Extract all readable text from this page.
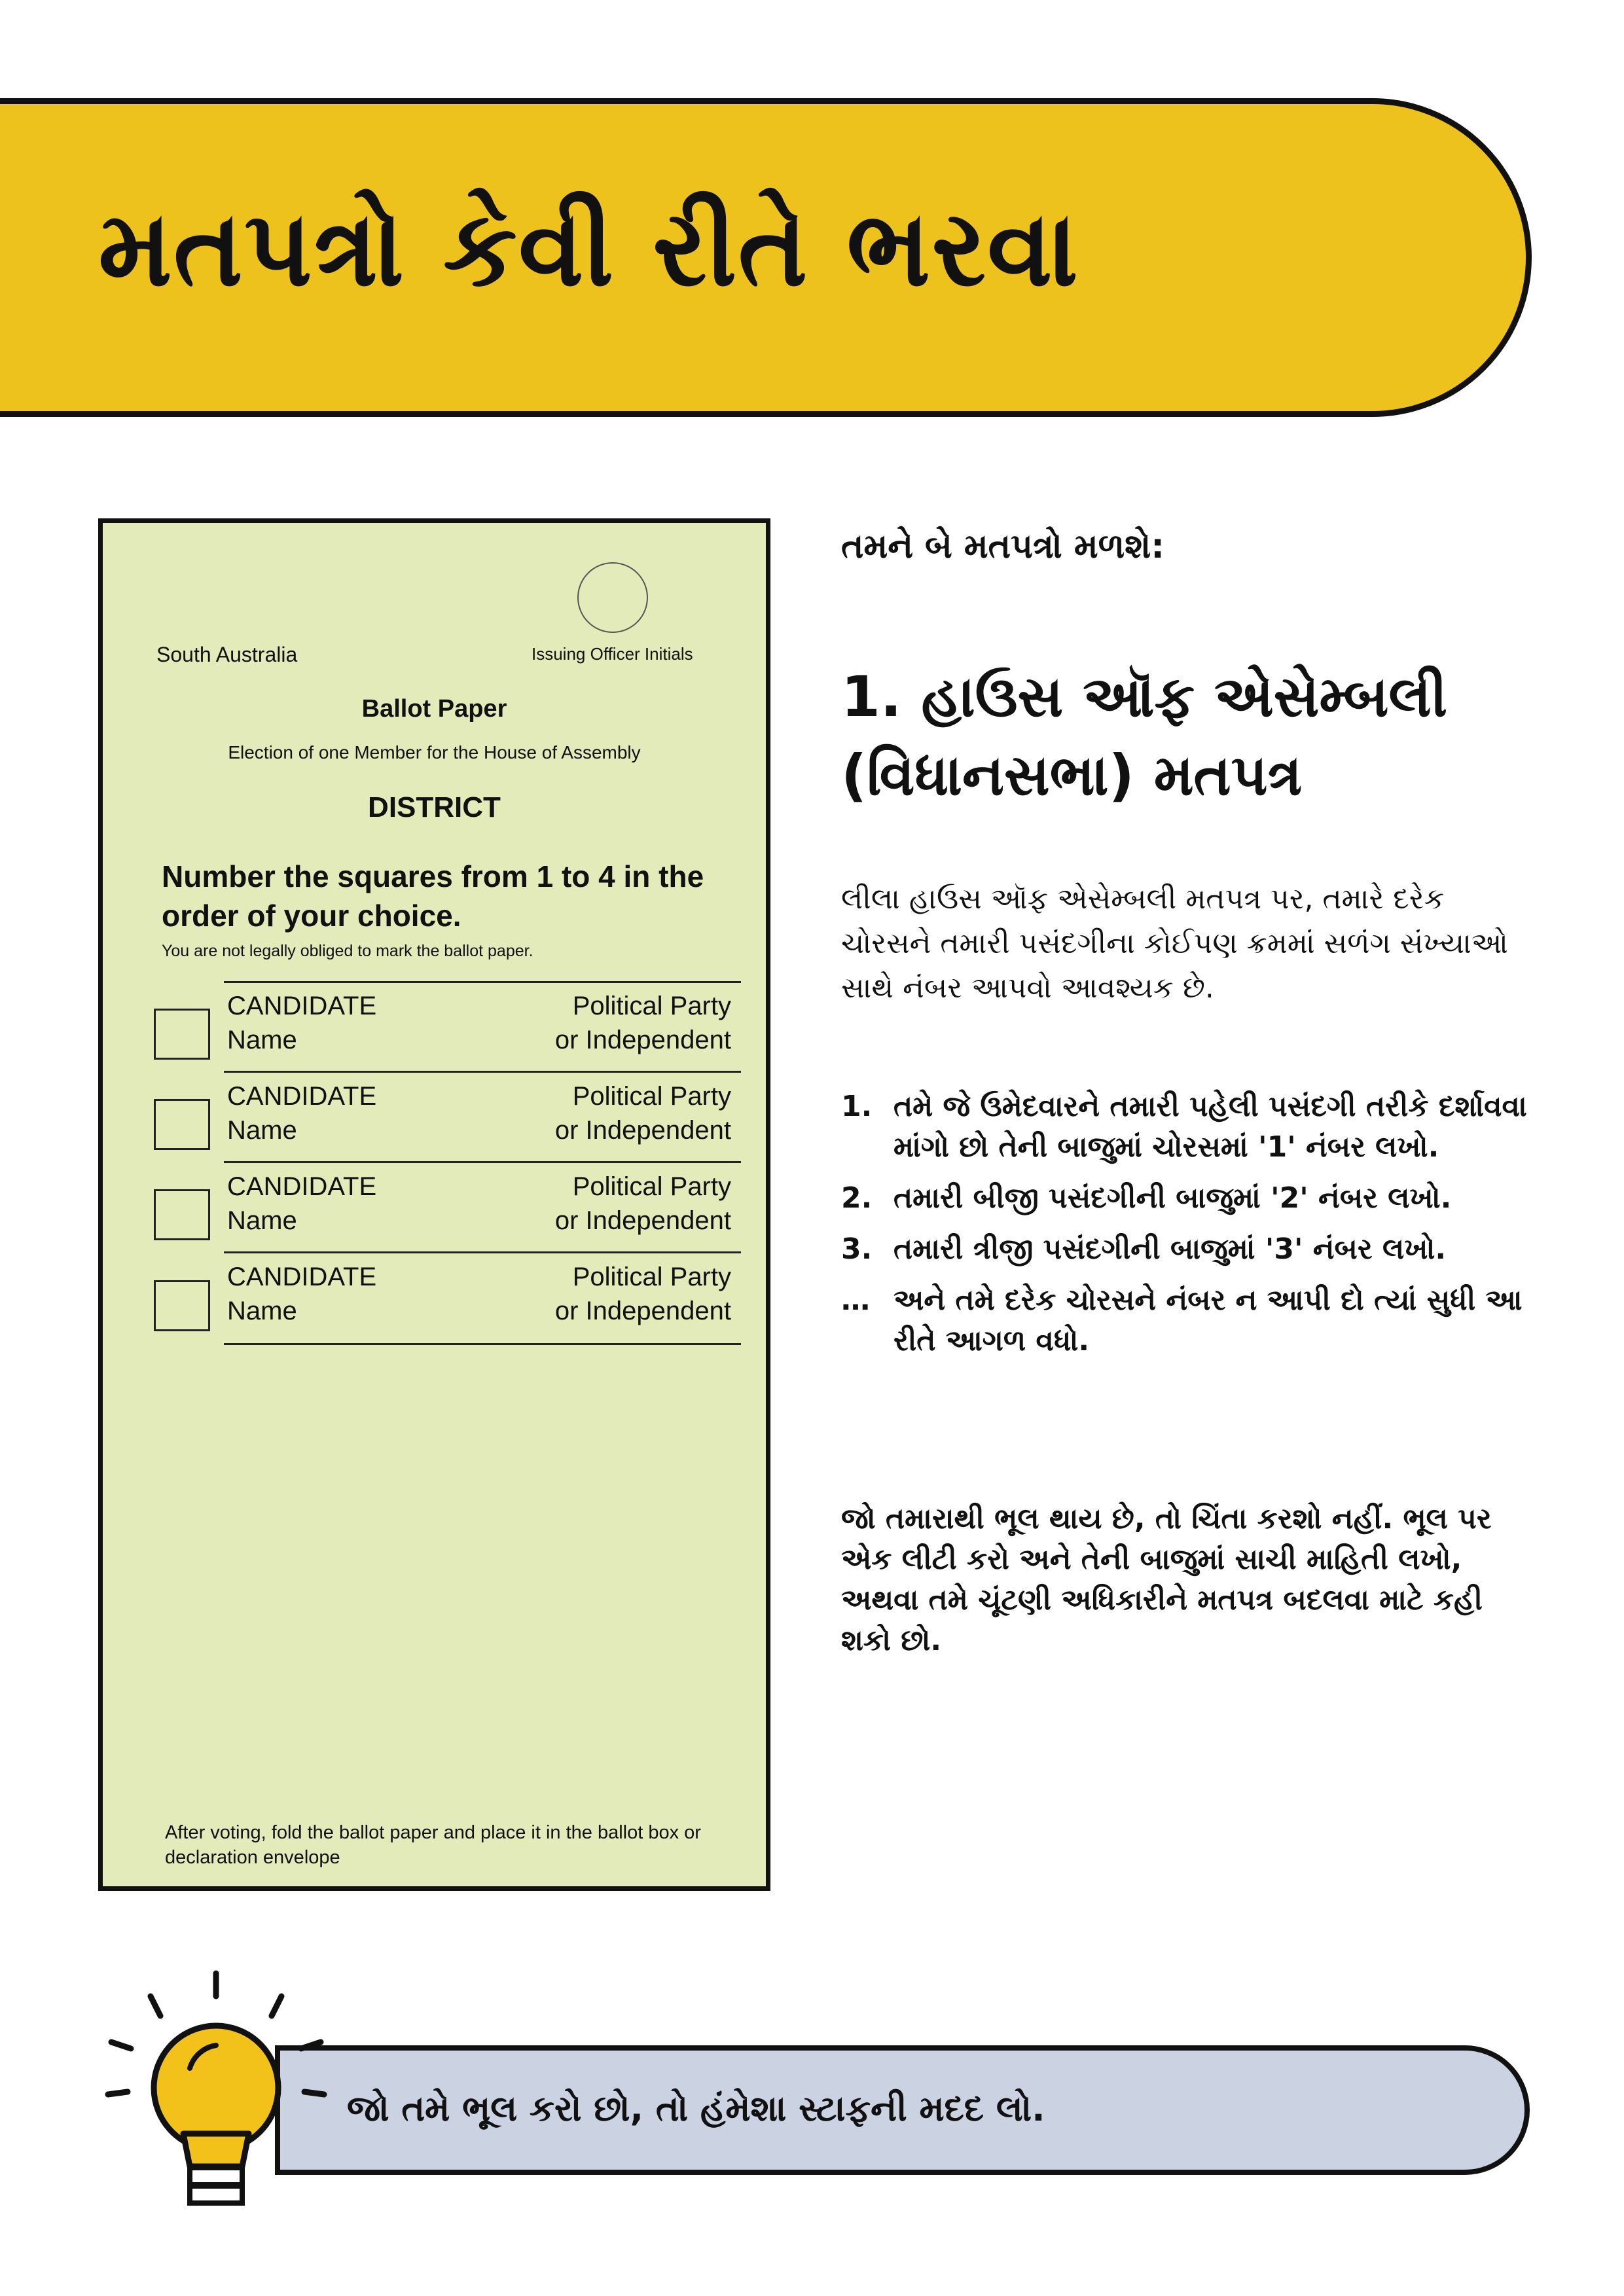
મતપત્રો કેવી રીતે ભરવા
South Australia	Issuing Officer Initials
Ballot Paper
Election of one Member for the House of Assembly
DISTRICT
Number the squares from 1 to 4 in the order of your choice.
You are not legally obliged to mark the ballot paper.
CANDIDATE
Name
Political Party
or Independent
CANDIDATE
Name
Political Party
or Independent
CANDIDATE
Name
Political Party
or Independent
CANDIDATE
Name
Political Party
or Independent
After voting, fold the ballot paper and place it in the ballot box or declaration envelope
તમને બે મતપત્રો મળશે:
1. હાઉસ ઑફ એસેમ્બલી
(વિધાનસભા) મતપત્ર
લીલા હાઉસ ઑફ એસેમ્બલી મતપત્ર પર, તમારે દરેક ચોરસને તમારી પસંદગીના કોઈપણ ક્રમમાં સળંગ સંખ્યાઓ સાથે નંબર આપવો આવશ્યક છે.
1. તમે જે ઉમેદવારને તમારી પહેલી પસંદગી તરીકે દર્શાવવા માંગો છો તેની બાજુમાં ચોરસમાં '1' નંબર લખો.
2. તમારી બીજી પસંદગીની બાજુમાં '2' નંબર લખો.
3. તમારી ત્રીજી પસંદગીની બાજુમાં '3' નંબર લખો.
… અને તમે દરેક ચોરસને નંબર ન આપી દો ત્યાં સુધી આ રીતે આગળ વધો.
જો તમારાથી ભૂલ થાય છે, તો ચિંતા કરશો નહીં. ભૂલ પર એક લીટી કરો અને તેની બાજુમાં સાચી માહિતી લખો, અથવા તમે ચૂંટણી અધિકારીને મતપત્ર બદલવા માટે કહી શકો છો.
જો તમે ભૂલ કરો છો, તો હંમેશા સ્ટાફની મદદ લો.
